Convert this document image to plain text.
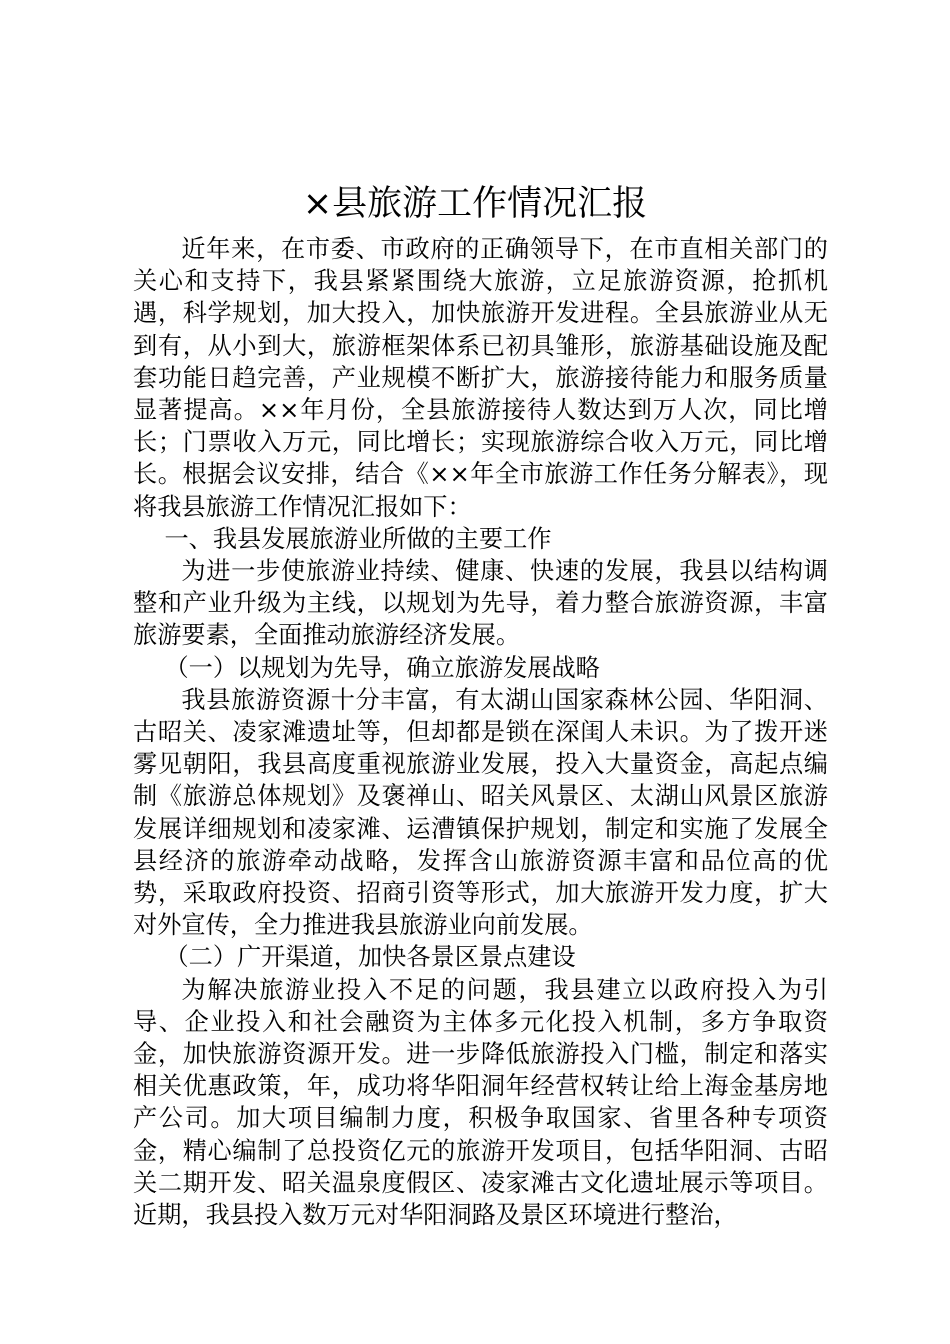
×县旅游工作情况汇报

近年来，在市委、市政府的正确领导下，在市直相关部门的关心和支持下，我县紧紧围绕大旅游，立足旅游资源，抢抓机遇，科学规划，加大投入，加快旅游开发进程。全县旅游业从无到有，从小到大，旅游框架体系已初具雏形，旅游基础设施及配套功能日趋完善，产业规模不断扩大，旅游接待能力和服务质量显著提高。××年月份，全县旅游接待人数达到万人次，同比增长；门票收入万元，同比增长；实现旅游综合收入万元，同比增长。根据会议安排，结合《××年全市旅游工作任务分解表》，现将我县旅游工作情况汇报如下：

一、我县发展旅游业所做的主要工作

为进一步使旅游业持续、健康、快速的发展，我县以结构调整和产业升级为主线，以规划为先导，着力整合旅游资源，丰富旅游要素，全面推动旅游经济发展。

（一）以规划为先导，确立旅游发展战略

我县旅游资源十分丰富，有太湖山国家森林公园、华阳洞、古昭关、凌家滩遗址等，但却都是锁在深闺人未识。为了拨开迷雾见朝阳，我县高度重视旅游业发展，投入大量资金，高起点编制《旅游总体规划》及褒禅山、昭关风景区、太湖山风景区旅游发展详细规划和凌家滩、运漕镇保护规划，制定和实施了发展全县经济的旅游牵动战略，发挥含山旅游资源丰富和品位高的优势，采取政府投资、招商引资等形式，加大旅游开发力度，扩大对外宣传，全力推进我县旅游业向前发展。

（二）广开渠道，加快各景区景点建设

为解决旅游业投入不足的问题，我县建立以政府投入为引导、企业投入和社会融资为主体多元化投入机制，多方争取资金，加快旅游资源开发。进一步降低旅游投入门槛，制定和落实相关优惠政策，年，成功将华阳洞年经营权转让给上海金基房地产公司。加大项目编制力度，积极争取国家、省里各种专项资金，精心编制了总投资亿元的旅游开发项目，包括华阳洞、古昭关二期开发、昭关温泉度假区、凌家滩古文化遗址展示等项目。近期，我县投入数万元对华阳洞路及景区环境进行整治，
